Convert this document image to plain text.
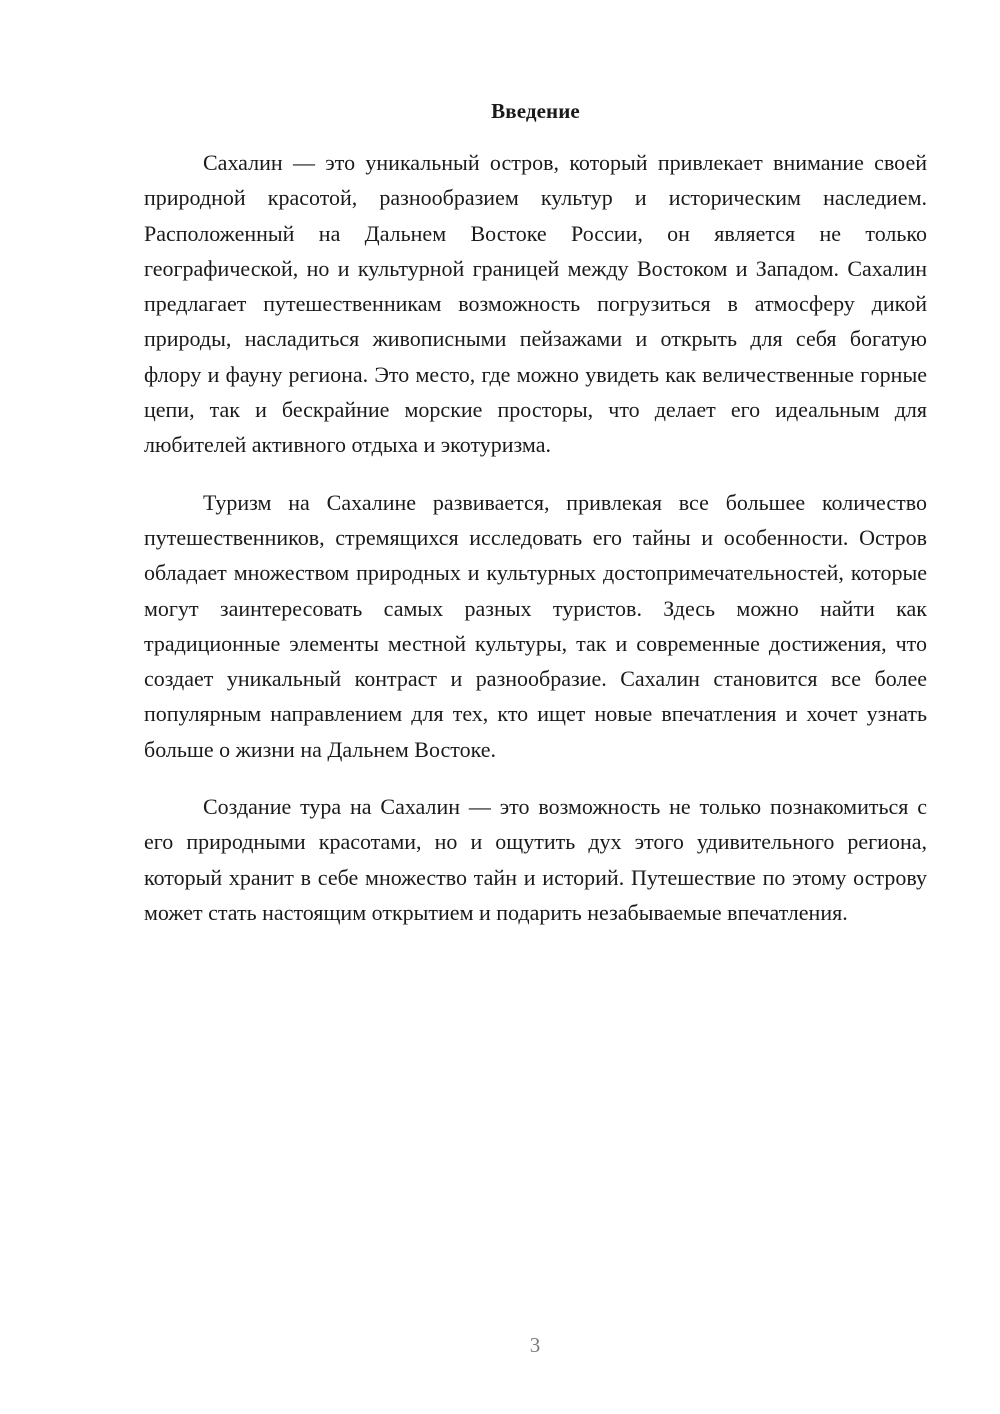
Введение

Сахалин — это уникальный остров, который привлекает внимание своей природной красотой, разнообразием культур и историческим наследием. Расположенный на Дальнем Востоке России, он является не только географической, но и культурной границей между Востоком и Западом. Сахалин предлагает путешественникам возможность погрузиться в атмосферу дикой природы, насладиться живописными пейзажами и открыть для себя богатую флору и фауну региона. Это место, где можно увидеть как величественные горные цепи, так и бескрайние морские просторы, что делает его идеальным для любителей активного отдыха и экотуризма.

Туризм на Сахалине развивается, привлекая все большее количество путешественников, стремящихся исследовать его тайны и особенности. Остров обладает множеством природных и культурных достопримечательностей, которые могут заинтересовать самых разных туристов. Здесь можно найти как традиционные элементы местной культуры, так и современные достижения, что создает уникальный контраст и разнообразие. Сахалин становится все более популярным направлением для тех, кто ищет новые впечатления и хочет узнать больше о жизни на Дальнем Востоке.

Создание тура на Сахалин — это возможность не только познакомиться с его природными красотами, но и ощутить дух этого удивительного региона, который хранит в себе множество тайн и историй. Путешествие по этому острову может стать настоящим открытием и подарить незабываемые впечатления.

3
